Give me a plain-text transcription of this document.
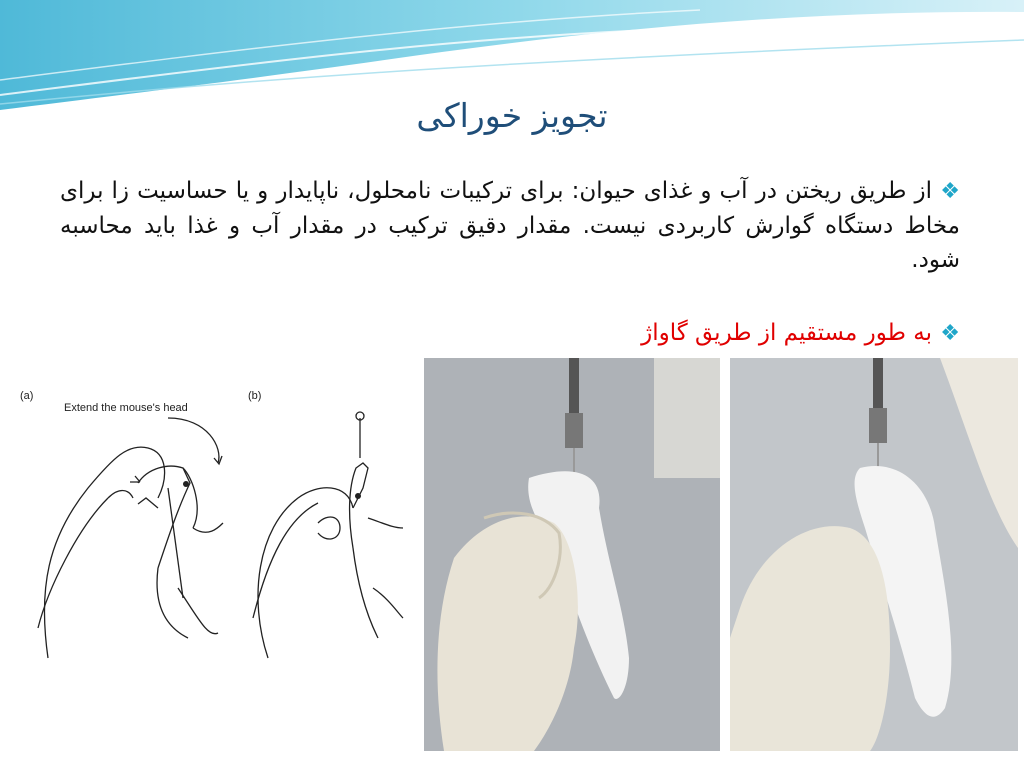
تجویز خوراکی
❖از طریق ریختن در آب و غذای حیوان: برای ترکیبات نامحلول، ناپایدار و یا حساسیت زا برای مخاط دستگاه گوارش کاربردی نیست. مقدار دقیق ترکیب در مقدار آب و غذا باید محاسبه شود.
❖به طور مستقیم از طریق گاواژ
(a)	(b)
Extend the mouse's head
